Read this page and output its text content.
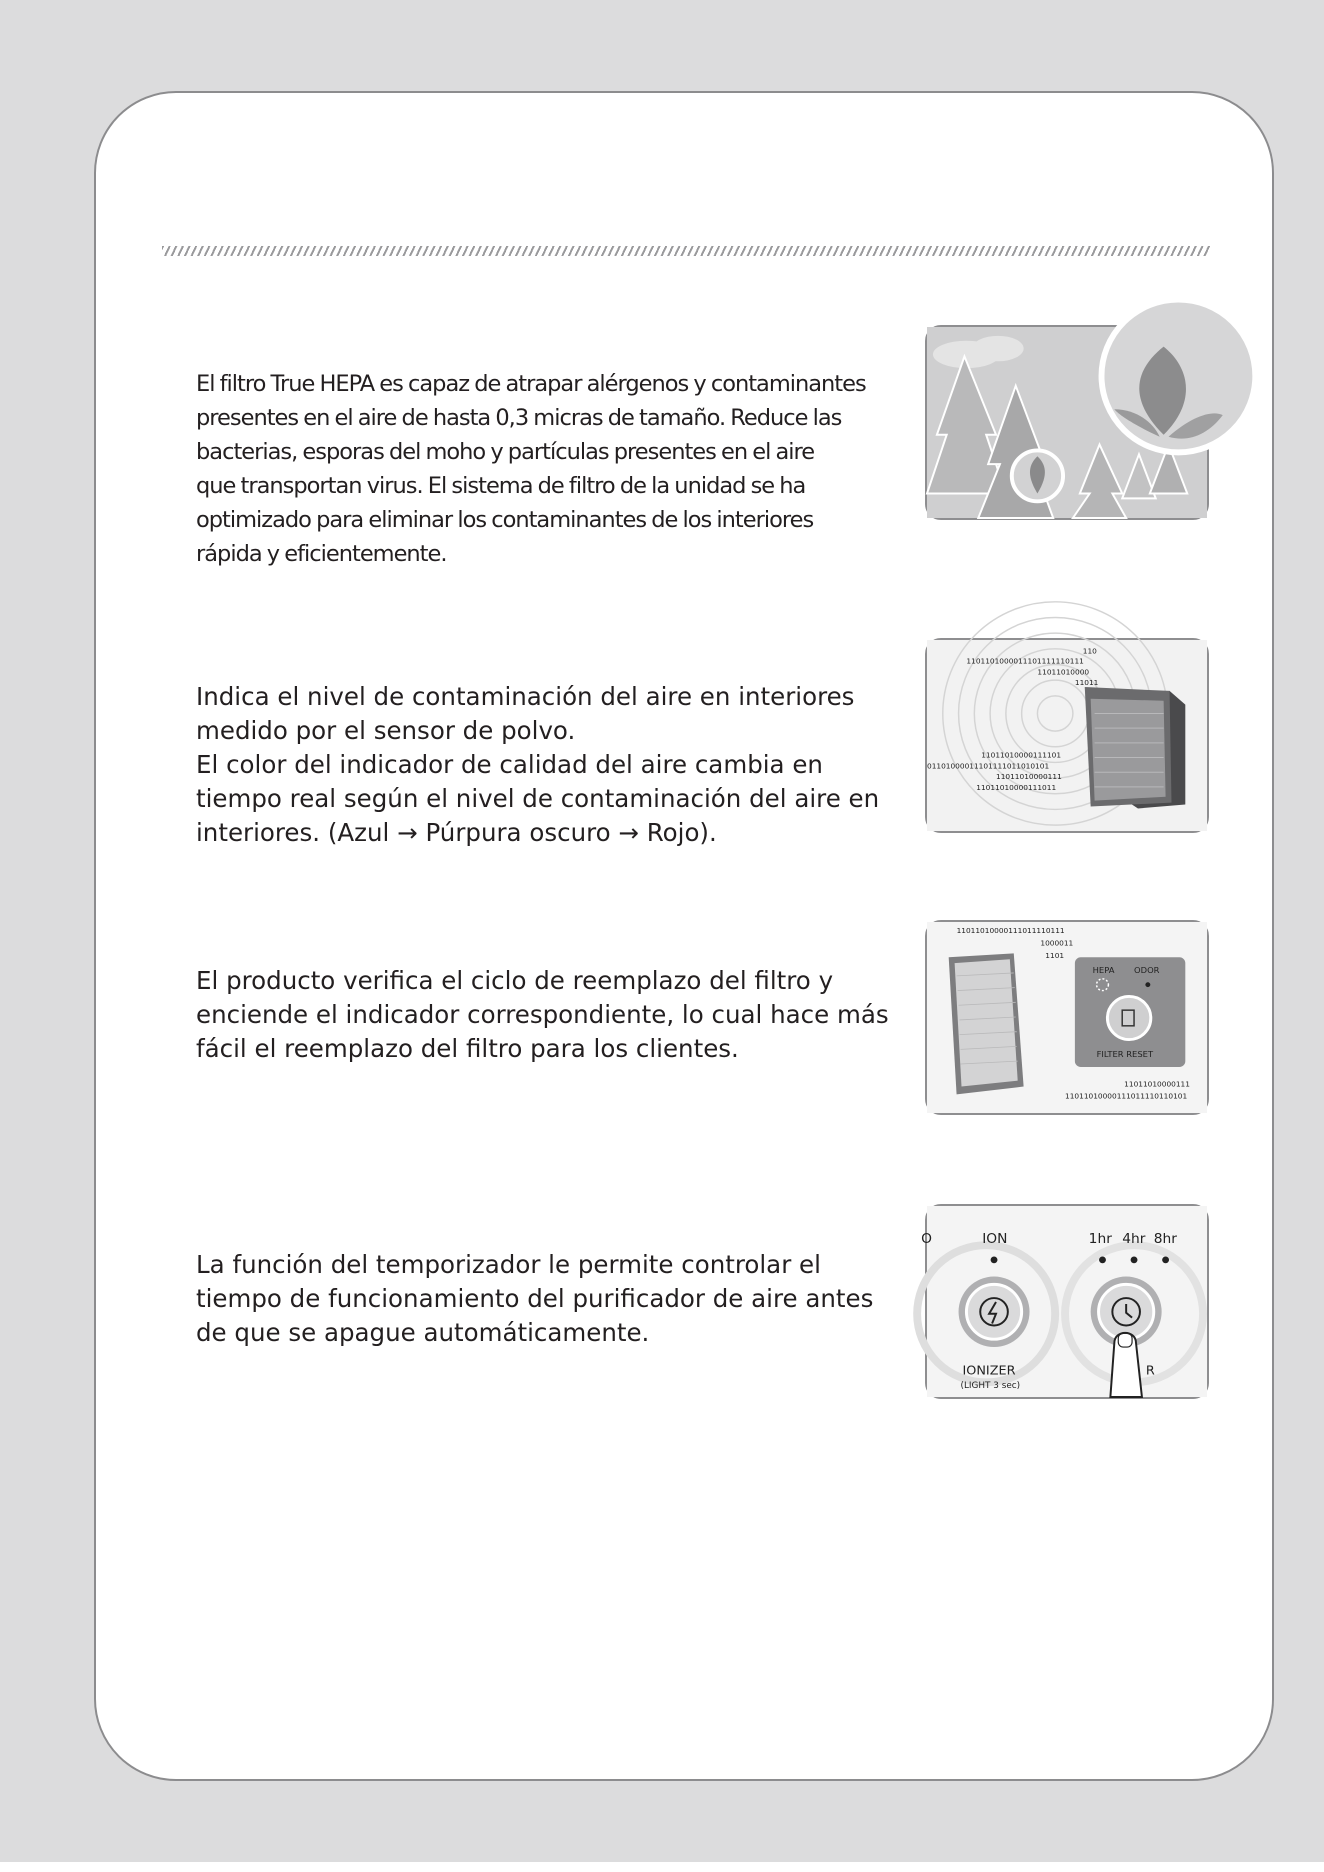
El filtro True HEPA es capaz de atrapar alérgenos y contaminantes
presentes en el aire de hasta 0,3 micras de tamaño. Reduce las
bacterias, esporas del moho y partículas presentes en el aire
que transportan virus. El sistema de filtro de la unidad se ha
optimizado para eliminar los contaminantes de los interiores
rápida y eficientemente.
Indica el nivel de contaminación del aire en interiores
medido por el sensor de polvo.
El color del indicador de calidad del aire cambia en
tiempo real según el nivel de contaminación del aire en
interiores. (Azul → Púrpura oscuro → Rojo).
110
1101101000011101111110111
11011010000
11011
11011010000111101
01101000011101111011010101
11011010000111
11011010000111011
El producto verifica el ciclo de reemplazo del filtro y
enciende el indicador correspondiente, lo cual hace más
fácil el reemplazo del filtro para los clientes.
11011010000111011110111
1000011
1101
11011010000111
11011010000111011110110101
HEPA ODOR
FILTER RESET
La función del temporizador le permite controlar el
tiempo de funcionamiento del purificador de aire antes
de que se apague automáticamente.
O	ION	1hr 4hr 8hr
IONIZER
(LIGHT 3 sec)
R
